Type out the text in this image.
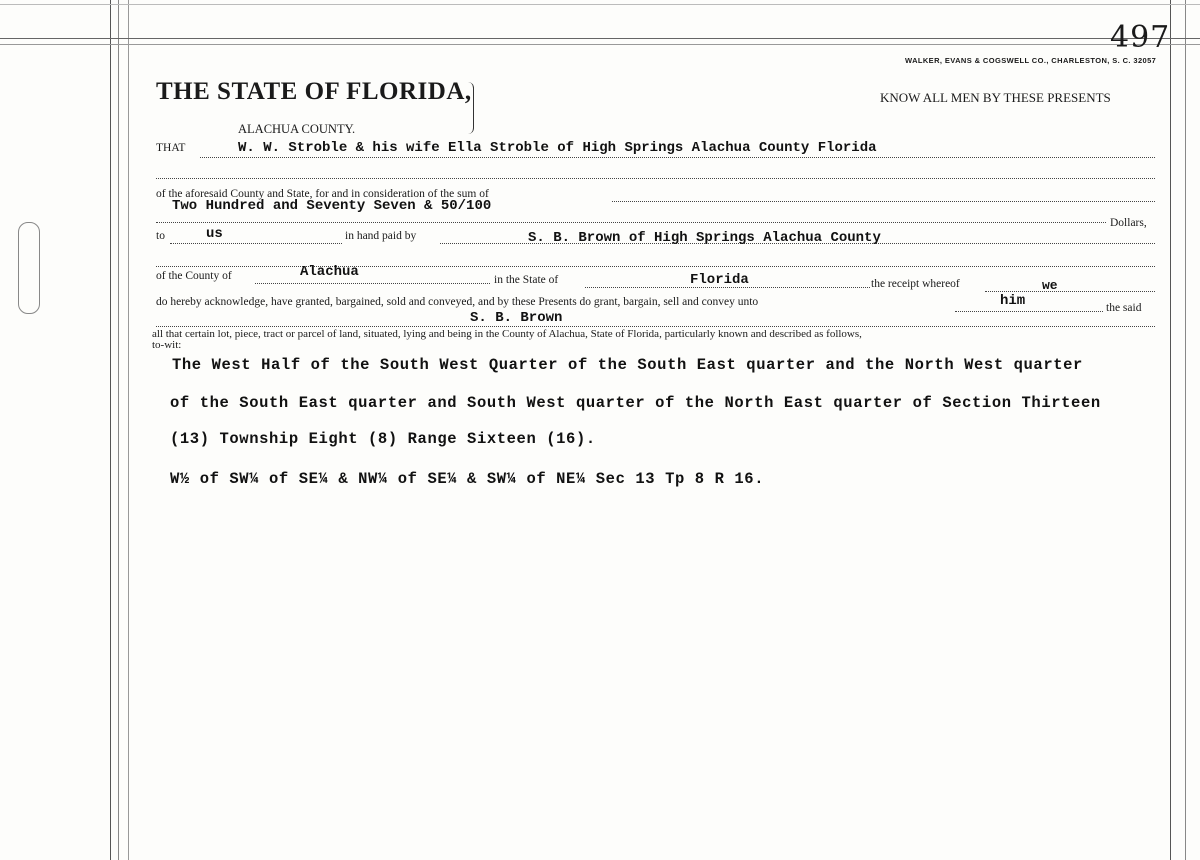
497
WALKER, EVANS & COGSWELL CO., CHARLESTON, S. C. 32057
THE STATE OF FLORIDA,	KNOW ALL MEN BY THESE PRESENTS
ALACHUA COUNTY.
THAT	W. W. Stroble & his wife Ella Stroble of High Springs Alachua County Florida
of the aforesaid County and State, for and in consideration of the sum of
Two Hundred and Seventy Seven & 50/100
Dollars,
to	us	in hand paid by	S. B. Brown of High Springs Alachua County
of the County of	Alachua	in the State of	Florida	the receipt whereof	we
do hereby acknowledge, have granted, bargained, sold and conveyed, and by these Presents do grant, bargain, sell and convey unto	him	the said
S. B. Brown
all that certain lot, piece, tract or parcel of land, situated, lying and being in the County of Alachua, State of Florida, particularly known and described as follows,
to-wit:
The West Half of the South West Quarter of the South East quarter and the North West quarter
of the South East quarter and South West quarter of the North East quarter of Section Thirteen
(13) Township Eight (8) Range Sixteen (16).
W½ of SW¼ of SE¼ & NW¼ of SE¼ & SW¼ of NE¼ Sec 13 Tp 8 R 16.
